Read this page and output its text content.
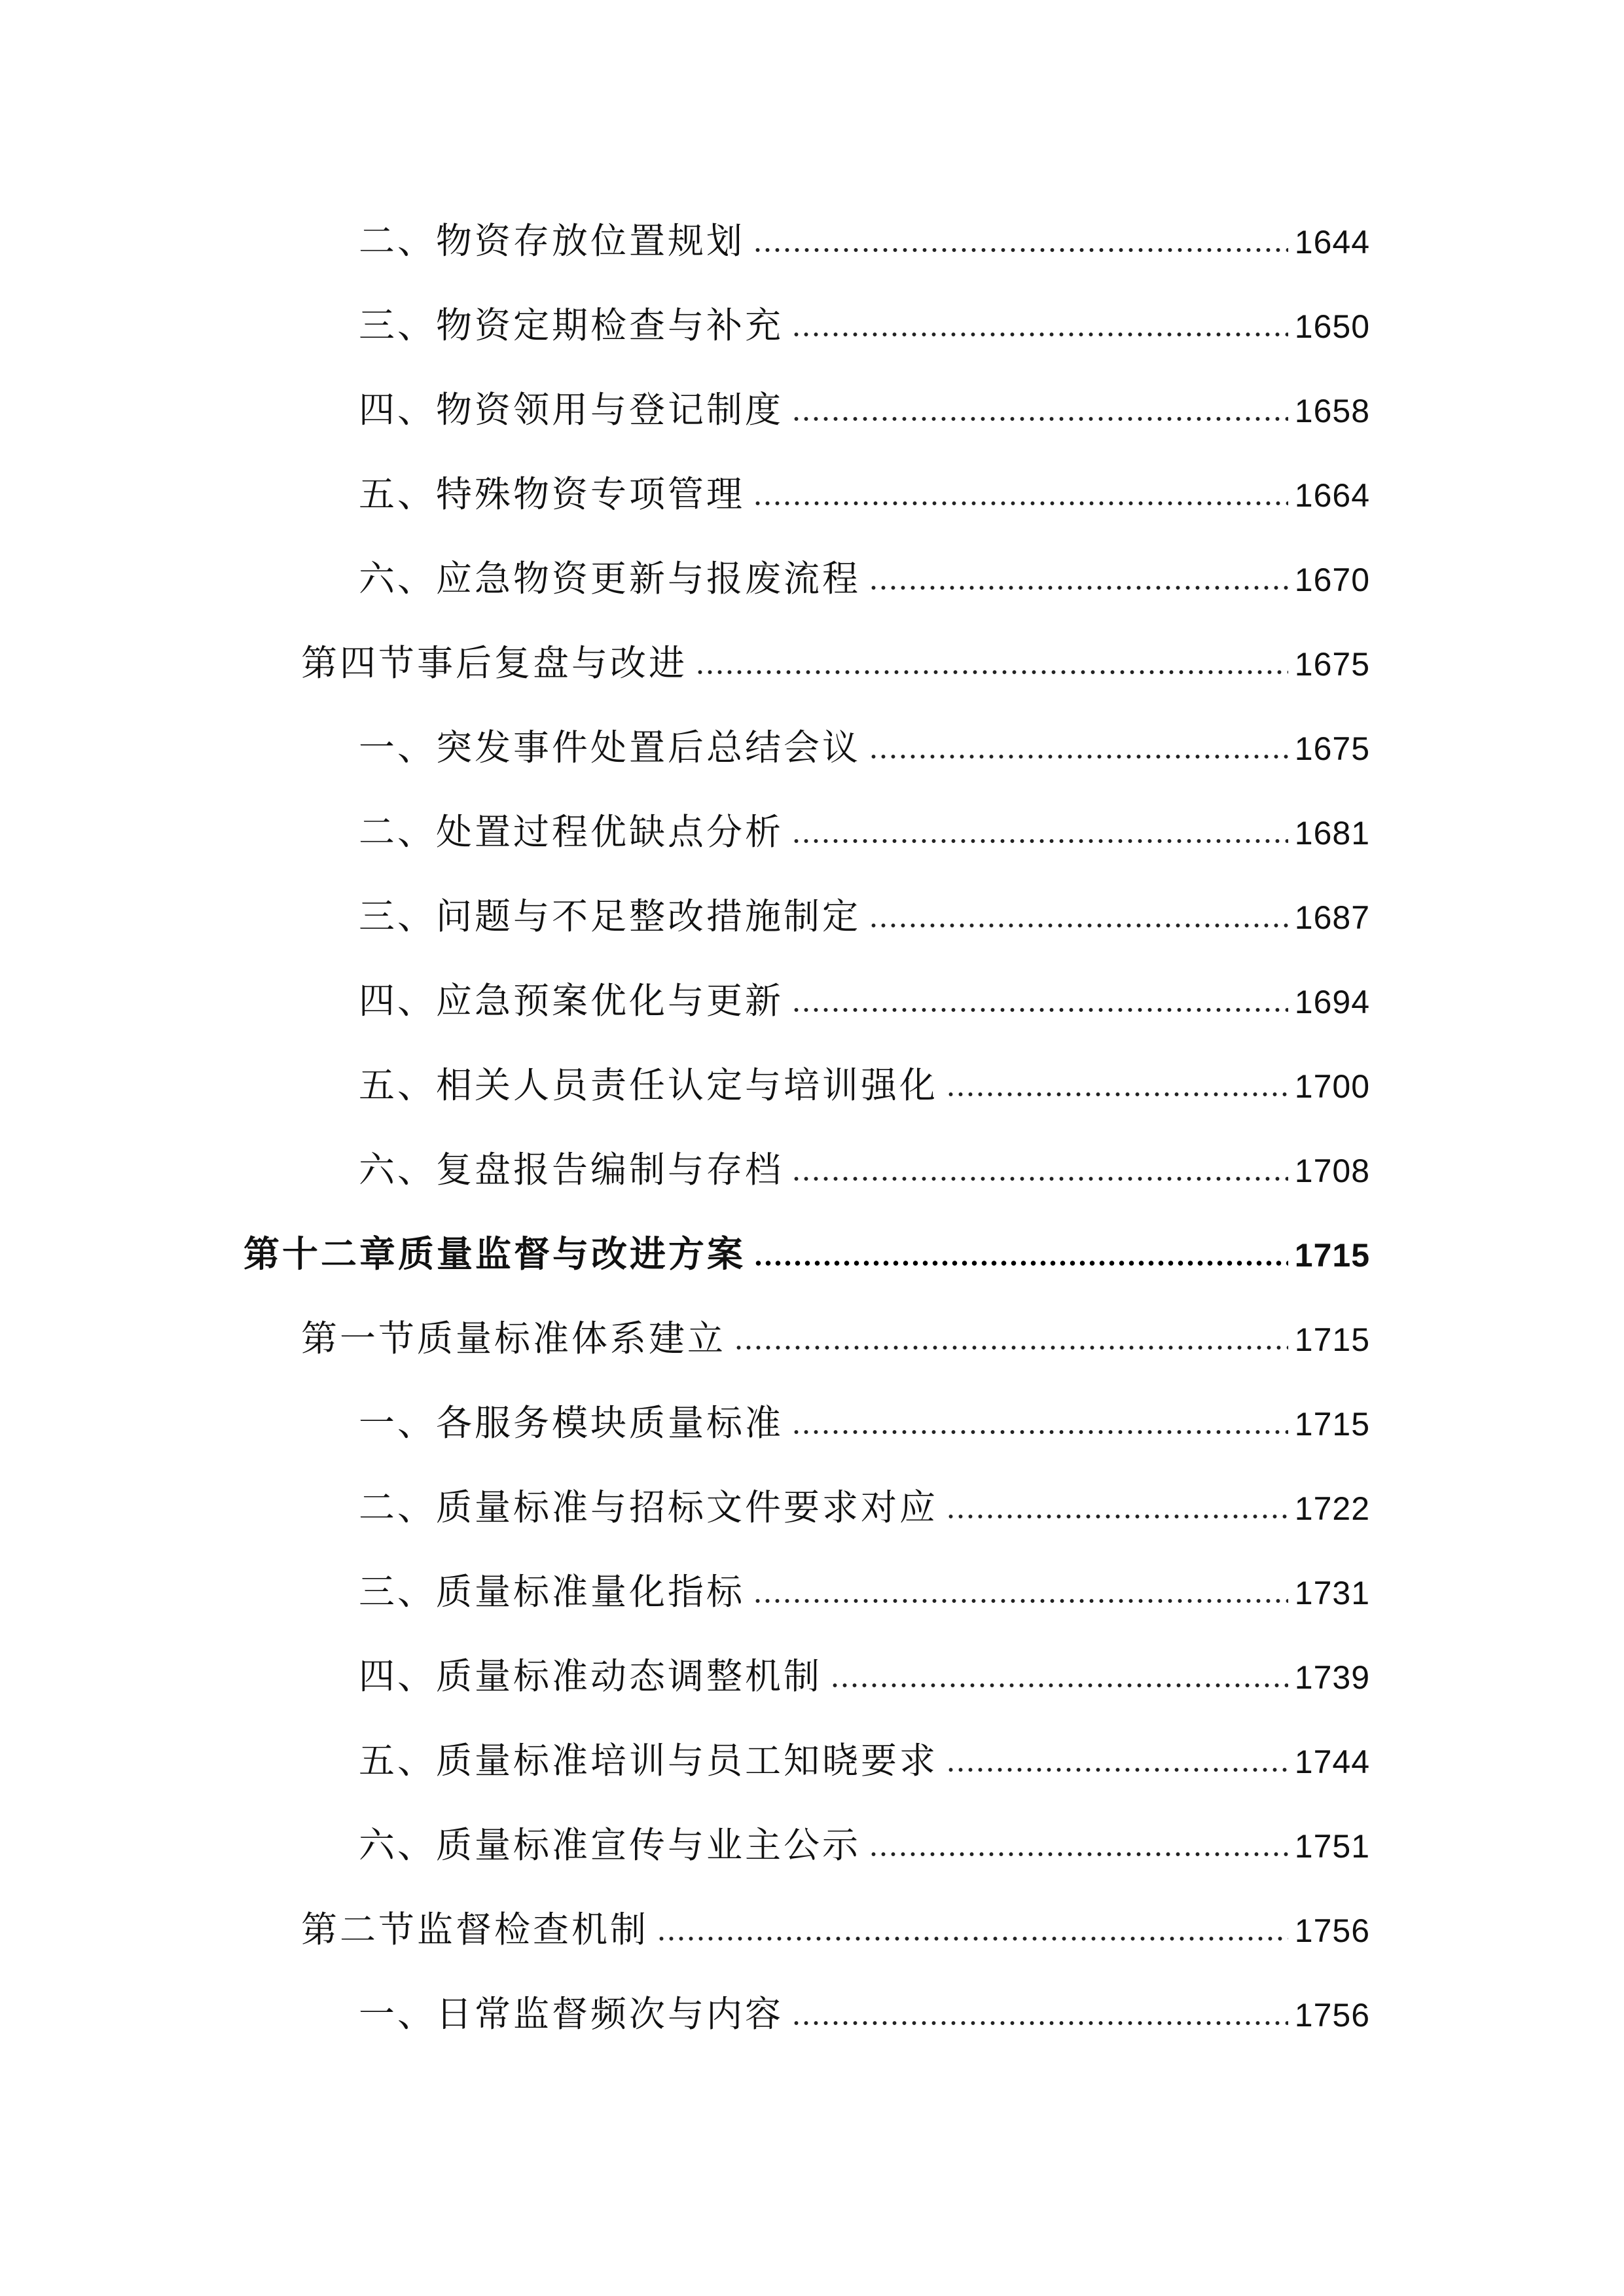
二、物资存放位置规划	1644
三、物资定期检查与补充	1650
四、物资领用与登记制度	1658
五、特殊物资专项管理	1664
六、应急物资更新与报废流程	1670
第四节事后复盘与改进	1675
一、突发事件处置后总结会议	1675
二、处置过程优缺点分析	1681
三、问题与不足整改措施制定	1687
四、应急预案优化与更新	1694
五、相关人员责任认定与培训强化	1700
六、复盘报告编制与存档	1708
第十二章质量监督与改进方案	1715
第一节质量标准体系建立	1715
一、各服务模块质量标准	1715
二、质量标准与招标文件要求对应	1722
三、质量标准量化指标	1731
四、质量标准动态调整机制	1739
五、质量标准培训与员工知晓要求	1744
六、质量标准宣传与业主公示	1751
第二节监督检查机制	1756
一、日常监督频次与内容	1756
